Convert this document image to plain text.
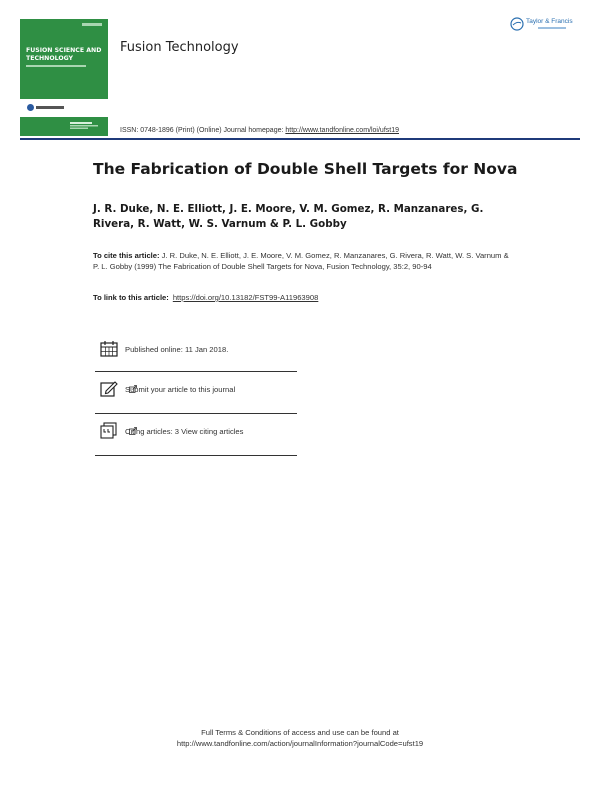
FUSION SCIENCE AND TECHNOLOGY
Fusion Technology
Taylor & Francis
ISSN: 0748-1896 (Print) (Online) Journal homepage: http://www.tandfonline.com/loi/ufst19
The Fabrication of Double Shell Targets for Nova
J. R. Duke, N. E. Elliott, J. E. Moore, V. M. Gomez, R. Manzanares, G. Rivera, R. Watt, W. S. Varnum & P. L. Gobby
To cite this article: J. R. Duke, N. E. Elliott, J. E. Moore, V. M. Gomez, R. Manzanares, G. Rivera, R. Watt, W. S. Varnum & P. L. Gobby (1999) The Fabrication of Double Shell Targets for Nova, Fusion Technology, 35:2, 90-94
To link to this article: https://doi.org/10.13182/FST99-A11963908
Published online: 11 Jan 2018.
Submit your article to this journal
Citing articles: 3 View citing articles
Full Terms & Conditions of access and use can be found at
http://www.tandfonline.com/action/journalInformation?journalCode=ufst19
